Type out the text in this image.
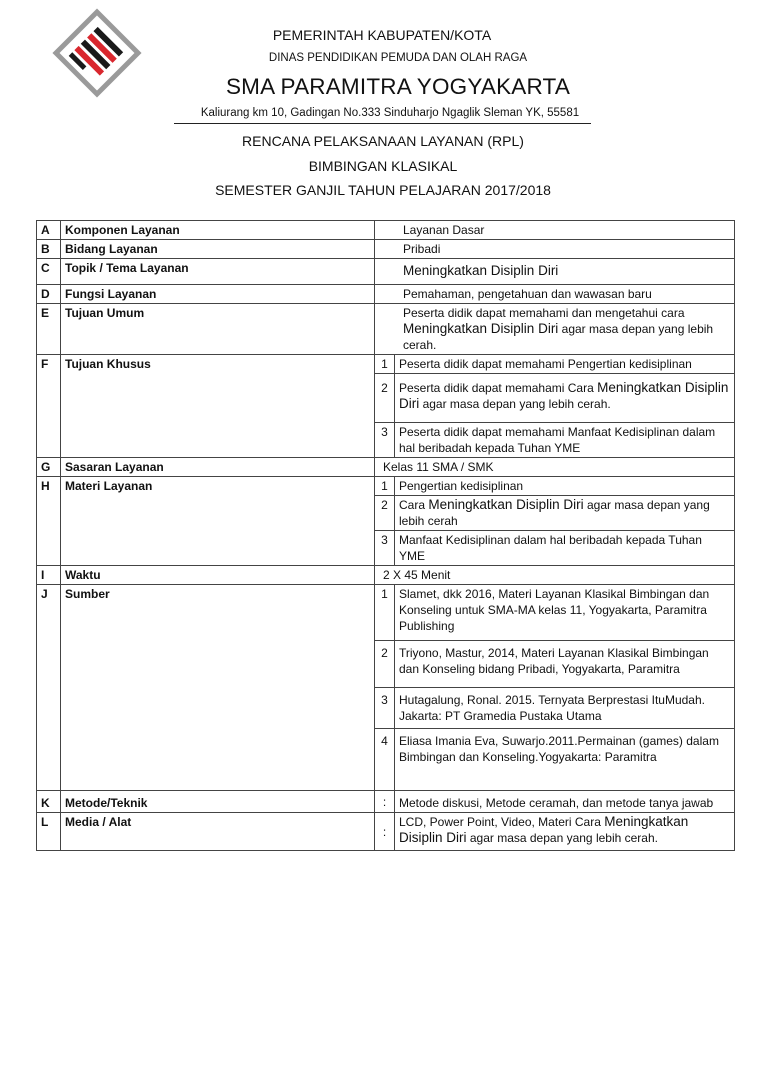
PEMERINTAH KABUPATEN/KOTA
DINAS PENDIDIKAN PEMUDA DAN OLAH RAGA
SMA PARAMITRA YOGYAKARTA
Kaliurang km 10, Gadingan No.333 Sinduharjo Ngaglik Sleman YK, 55581
RENCANA PELAKSANAAN LAYANAN (RPL)
BIMBINGAN KLASIKAL
SEMESTER GANJIL TAHUN PELAJARAN 2017/2018
A	Komponen Layanan	Layanan Dasar	
B	Bidang Layanan	Pribadi	
C	Topik / Tema Layanan	Meningkatkan Disiplin Diri	
D	Fungsi Layanan	Pemahaman, pengetahuan dan wawasan baru	
E	Tujuan Umum	Peserta didik dapat memahami dan mengetahui cara
Meningkatkan Disiplin Diri agar masa depan yang lebih cerah.	
F	Tujuan Khusus	1	Peserta didik dapat memahami Pengertian kedisiplinan
		2	Peserta didik dapat memahami Cara Meningkatkan Disiplin Diri agar masa depan yang lebih cerah.
		3	Peserta didik dapat memahami Manfaat Kedisiplinan dalam hal beribadah kepada Tuhan YME
G	Sasaran Layanan	Kelas 11 SMA / SMK	
H	Materi Layanan	1	Pengertian kedisiplinan
		2	Cara Meningkatkan Disiplin Diri agar masa depan yang lebih cerah
		3	Manfaat Kedisiplinan dalam hal beribadah kepada Tuhan YME
I	Waktu	2 X 45 Menit	
J	Sumber	1	Slamet, dkk 2016, Materi Layanan Klasikal Bimbingan dan Konseling untuk SMA-MA kelas 11, Yogyakarta, Paramitra Publishing
		2	Triyono, Mastur, 2014, Materi Layanan Klasikal Bimbingan dan Konseling bidang Pribadi, Yogyakarta, Paramitra
		3	Hutagalung, Ronal. 2015. Ternyata Berprestasi ItuMudah. Jakarta: PT Gramedia Pustaka Utama
		4	Eliasa Imania Eva, Suwarjo.2011.Permainan (games) dalam Bimbingan dan Konseling.Yogyakarta: Paramitra
K	Metode/Teknik	:	Metode diskusi, Metode ceramah, dan metode tanya jawab
L	Media / Alat	:	LCD, Power Point, Video, Materi Cara Meningkatkan Disiplin Diri agar masa depan yang lebih cerah.
